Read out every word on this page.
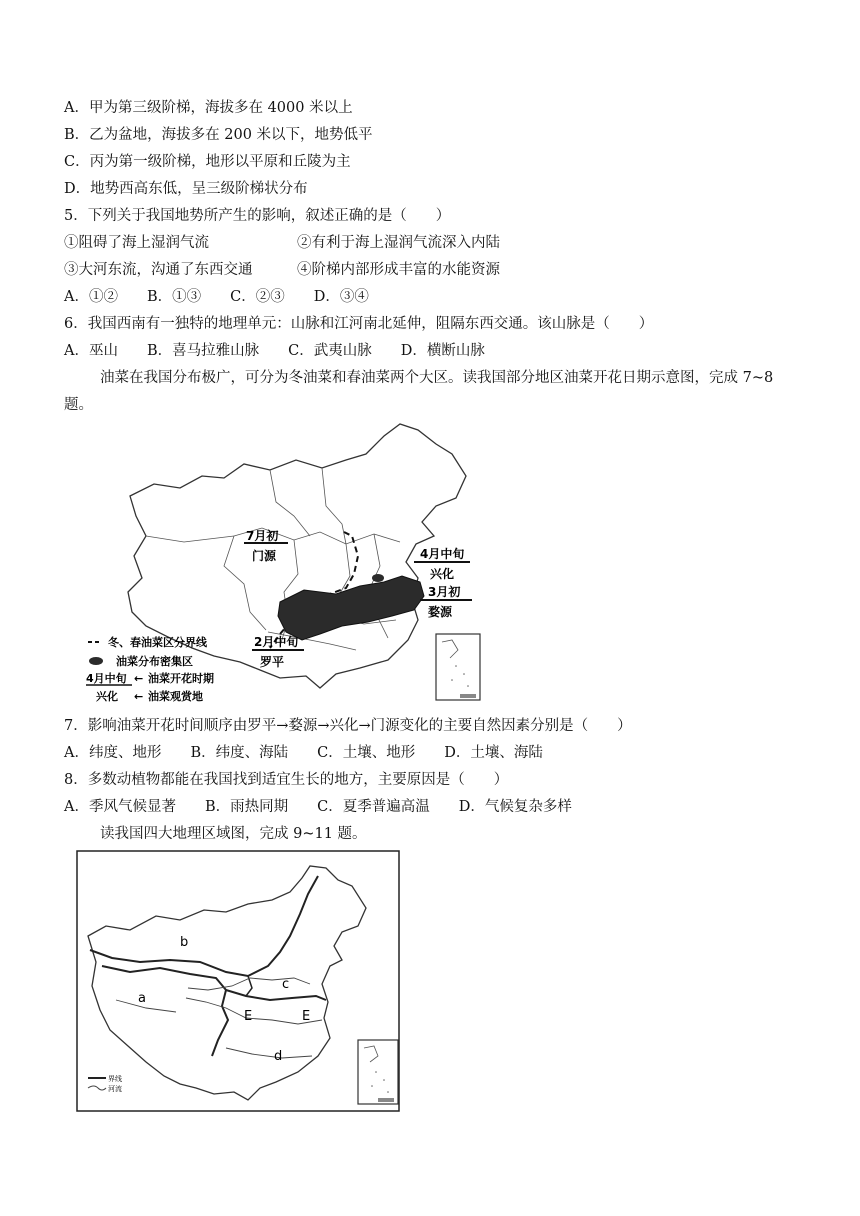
A．甲为第三级阶梯，海拔多在 4000 米以上
B．乙为盆地，海拔多在 200 米以下，地势低平
C．丙为第一级阶梯，地形以平原和丘陵为主
D．地势西高东低，呈三级阶梯状分布
5．下列关于我国地势所产生的影响，叙述正确的是（　　）
①阻碍了海上湿润气流	②有利于海上湿润气流深入内陆
③大河东流，沟通了东西交通	④阶梯内部形成丰富的水能资源
A．①②　　B．①③　　C．②③　　D．③④
6．我国西南有一独特的地理单元：山脉和江河南北延伸，阻隔东西交通。该山脉是（　　）
A．巫山　　B．喜马拉雅山脉　　C．武夷山脉　　D．横断山脉
油菜在我国分布极广，可分为冬油菜和春油菜两个大区。读我国部分地区油菜开花日期示意图，完成 7~8
题。
7月初
门源	4月中旬
兴化
3月初
婺源
2月中旬
罗平
冬、春油菜区分界线
油菜分布密集区
4月中旬 ← 油菜开花时期
兴化 ← 油菜观赏地
7．影响油菜开花时间顺序由罗平→婺源→兴化→门源变化的主要自然因素分别是（　　）
A．纬度、地形　　B．纬度、海陆　　C．土壤、地形　　D．土壤、海陆
8．多数动植物都能在我国找到适宜生长的地方，主要原因是（　　）
A．季风气候显著　　B．雨热同期　　C．夏季普遍高温　　D．气候复杂多样
读我国四大地理区域图，完成 9~11 题。
b
a
c
E	E
d
界线
河流
